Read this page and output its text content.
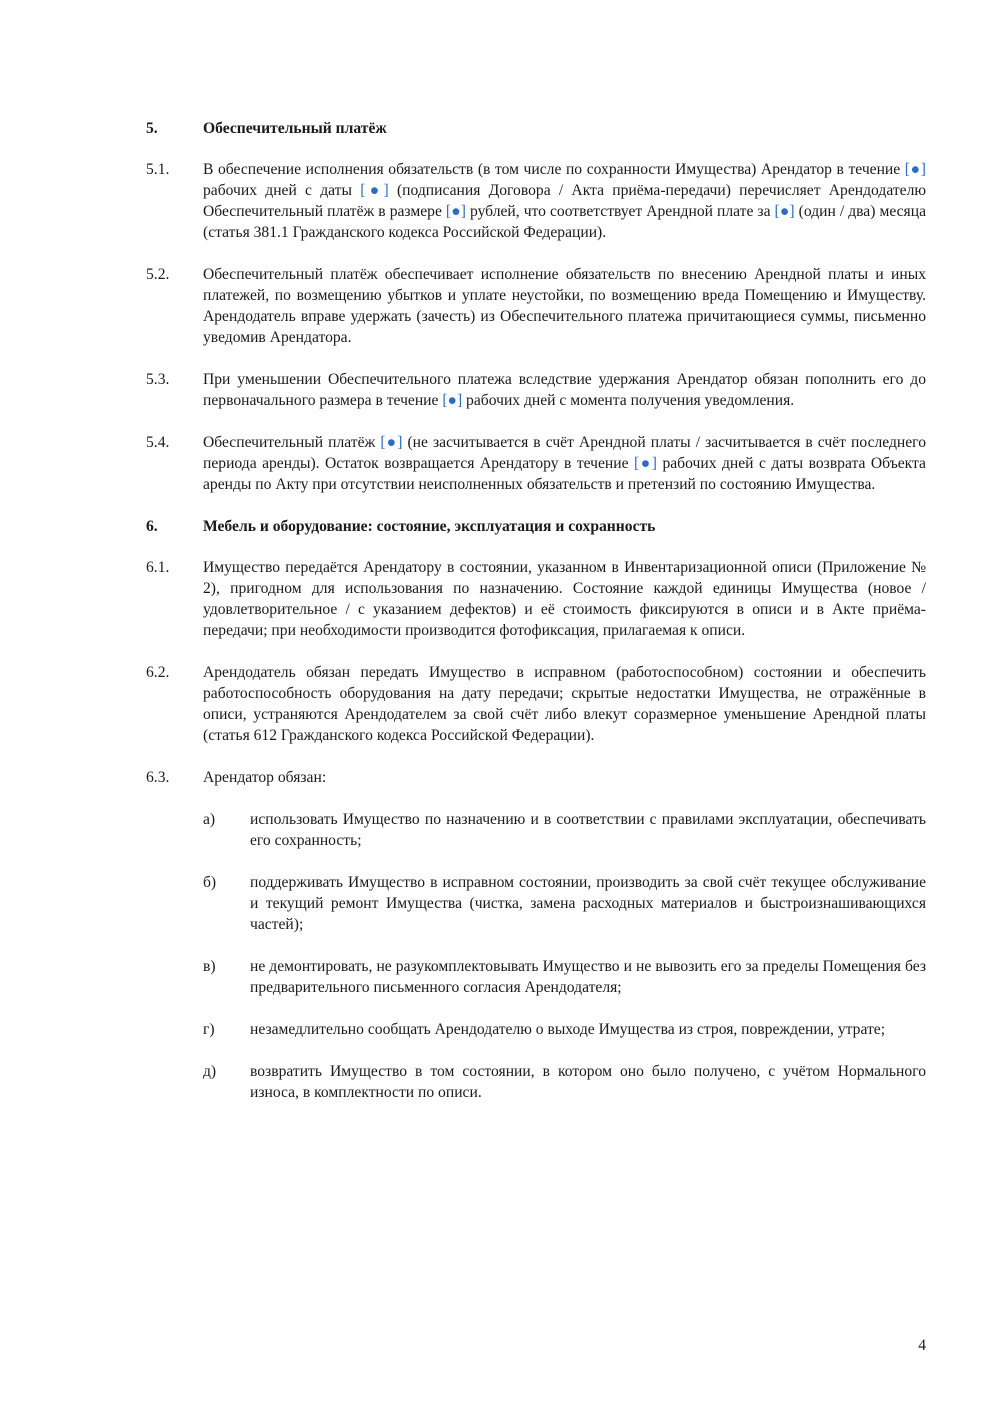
5.	Обеспечительный платёж
5.1.	В обеспечение исполнения обязательств (в том числе по сохранности Имущества) Арендатор в течение [●] рабочих дней с даты [●] (подписания Договора / Акта приёма-передачи) перечисляет Арендодателю Обеспечительный платёж в размере [●] рублей, что соответствует Арендной плате за [●] (один / два) месяца (статья 381.1 Гражданского кодекса Российской Федерации).
5.2.	Обеспечительный платёж обеспечивает исполнение обязательств по внесению Арендной платы и иных платежей, по возмещению убытков и уплате неустойки, по возмещению вреда Помещению и Имуществу. Арендодатель вправе удержать (зачесть) из Обеспечительного платежа причитающиеся суммы, письменно уведомив Арендатора.
5.3.	При уменьшении Обеспечительного платежа вследствие удержания Арендатор обязан пополнить его до первоначального размера в течение [●] рабочих дней с момента получения уведомления.
5.4.	Обеспечительный платёж [●] (не засчитывается в счёт Арендной платы / засчитывается в счёт последнего периода аренды). Остаток возвращается Арендатору в течение [●] рабочих дней с даты возврата Объекта аренды по Акту при отсутствии неисполненных обязательств и претензий по состоянию Имущества.
6.	Мебель и оборудование: состояние, эксплуатация и сохранность
6.1.	Имущество передаётся Арендатору в состоянии, указанном в Инвентаризационной описи (Приложение № 2), пригодном для использования по назначению. Состояние каждой единицы Имущества (новое / удовлетворительное / с указанием дефектов) и её стоимость фиксируются в описи и в Акте приёма-передачи; при необходимости производится фотофиксация, прилагаемая к описи.
6.2.	Арендодатель обязан передать Имущество в исправном (работоспособном) состоянии и обеспечить работоспособность оборудования на дату передачи; скрытые недостатки Имущества, не отражённые в описи, устраняются Арендодателем за свой счёт либо влекут соразмерное уменьшение Арендной платы (статья 612 Гражданского кодекса Российской Федерации).
6.3.	Арендатор обязан:
а)	использовать Имущество по назначению и в соответствии с правилами эксплуатации, обеспечивать его сохранность;
б)	поддерживать Имущество в исправном состоянии, производить за свой счёт текущее обслуживание и текущий ремонт Имущества (чистка, замена расходных материалов и быстроизнашивающихся частей);
в)	не демонтировать, не разукомплектовывать Имущество и не вывозить его за пределы Помещения без предварительного письменного согласия Арендодателя;
г)	незамедлительно сообщать Арендодателю о выходе Имущества из строя, повреждении, утрате;
д)	возвратить Имущество в том состоянии, в котором оно было получено, с учётом Нормального износа, в комплектности по описи.
4
